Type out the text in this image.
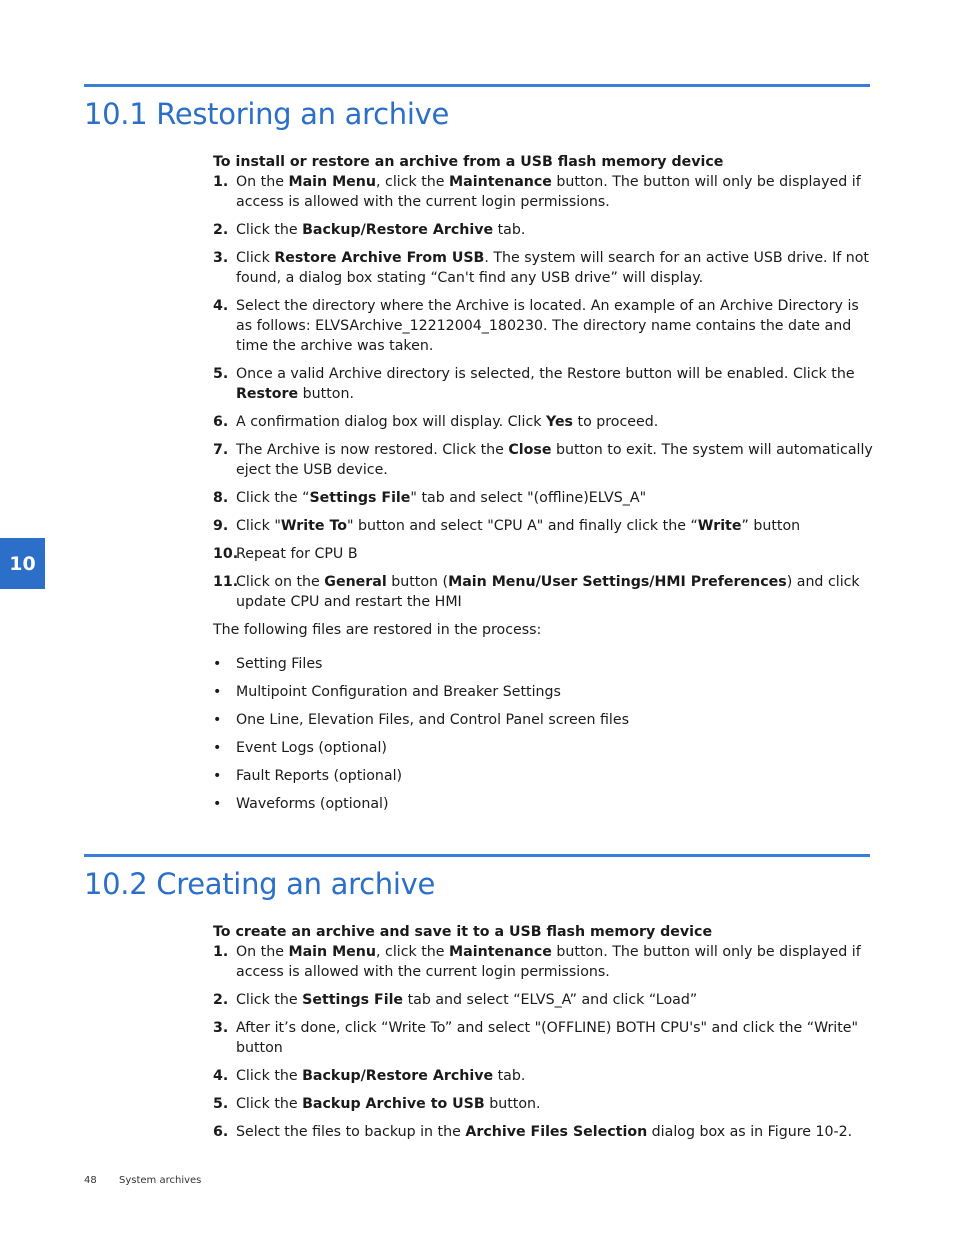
10.1 Restoring an archive

To install or restore an archive from a USB flash memory device

1. On the Main Menu, click the Maintenance button. The button will only be displayed if access is allowed with the current login permissions.
2. Click the Backup/Restore Archive tab.
3. Click Restore Archive From USB. The system will search for an active USB drive. If not found, a dialog box stating “Can't find any USB drive” will display.
4. Select the directory where the Archive is located. An example of an Archive Directory is as follows: ELVSArchive_12212004_180230. The directory name contains the date and time the archive was taken.
5. Once a valid Archive directory is selected, the Restore button will be enabled. Click the Restore button.
6. A confirmation dialog box will display. Click Yes to proceed.
7. The Archive is now restored. Click the Close button to exit. The system will automatically eject the USB device.
8. Click the “Settings File" tab and select "(offline)ELVS_A"
9. Click "Write To" button and select "CPU A" and finally click the “Write” button
10.
Repeat for CPU B
11.
Click on the General button (Main Menu/User Settings/HMI Preferences) and click update CPU and restart the HMI

The following files are restored in the process:

• Setting Files
• Multipoint Configuration and Breaker Settings
• One Line, Elevation Files, and Control Panel screen files
• Event Logs (optional)
• Fault Reports (optional)
• Waveforms (optional)
10.2 Creating an archive

To create an archive and save it to a USB flash memory device

1. On the Main Menu, click the Maintenance button. The button will only be displayed if access is allowed with the current login permissions.
2. Click the Settings File tab and select “ELVS_A” and click “Load”
3. After it’s done, click “Write To” and select "(OFFLINE) BOTH CPU's" and click the “Write" button
4. Click the Backup/Restore Archive tab.
5. Click the Backup Archive to USB button.
6. Select the files to backup in the Archive Files Selection dialog box as in Figure 10-2.
10
48 System archives
